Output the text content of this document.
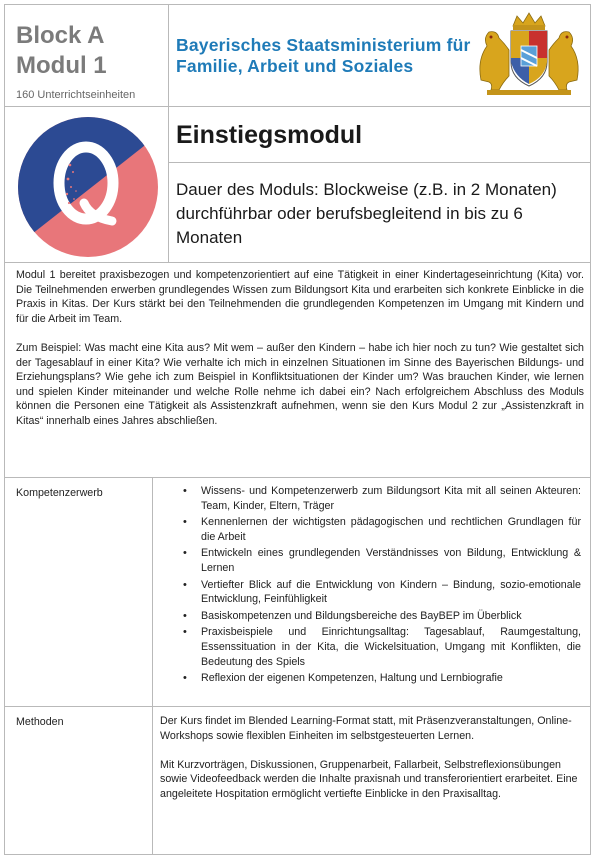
Block A
Modul 1
160 Unterrichtseinheiten
Bayerisches Staatsministerium für
Familie, Arbeit und Soziales
Einstiegsmodul
Dauer des Moduls: Blockweise (z.B. in 2 Monaten) durchführbar oder berufsbegleitend in bis zu 6 Monaten

Modul 1 bereitet praxisbezogen und kompetenzorientiert auf eine Tätigkeit in einer Kindertageseinrichtung (Kita) vor. Die Teilnehmenden erwerben grundlegendes Wissen zum Bildungsort Kita und erarbeiten sich konkrete Einblicke in die Praxis in Kitas. Der Kurs stärkt bei den Teilnehmenden die grundlegenden Kompetenzen im Umgang mit Kindern und für die Arbeit im Team.

Zum Beispiel: Was macht eine Kita aus? Mit wem – außer den Kindern – habe ich hier noch zu tun? Wie gestaltet sich der Tagesablauf in einer Kita? Wie verhalte ich mich in einzelnen Situationen im Sinne des Bayerischen Bildungs- und Erziehungsplans? Wie gehe ich zum Beispiel in Konfliktsituationen der Kinder um? Was brauchen Kinder, wie lernen und spielen Kinder miteinander und welche Rolle nehme ich dabei ein? Nach erfolgreichem Abschluss des Moduls können die Personen eine Tätigkeit als Assistenzkraft aufnehmen, wenn sie den Kurs Modul 2 zur „Assistenzkraft in Kitas“ innerhalb eines Jahres abschließen.

Kompetenzerwerb	• Wissens- und Kompetenzerwerb zum Bildungsort Kita mit all seinen Akteuren: Team, Kinder, Eltern, Träger
• Kennenlernen der wichtigsten pädagogischen und rechtlichen Grundlagen für die Arbeit
• Entwickeln eines grundlegenden Verständnisses von Bildung, Entwicklung & Lernen
• Vertiefter Blick auf die Entwicklung von Kindern – Bindung, sozio-emotionale Entwicklung, Feinfühligkeit
• Basiskompetenzen und Bildungsbereiche des BayBEP im Überblick
• Praxisbeispiele und Einrichtungsalltag: Tagesablauf, Raumgestaltung, Essenssituation in der Kita, die Wickelsituation, Umgang mit Konflikten, die Bedeutung des Spiels
• Reflexion der eigenen Kompetenzen, Haltung und Lernbiografie
Methoden	Der Kurs findet im Blended Learning-Format statt, mit Präsenzveranstaltungen, Online-Workshops sowie flexiblen Einheiten im selbstgesteuerten Lernen.

Mit Kurzvorträgen, Diskussionen, Gruppenarbeit, Fallarbeit, Selbstreflexionsübungen sowie Videofeedback werden die Inhalte praxisnah und transferorientiert erarbeitet. Eine angeleitete Hospitation ermöglicht vertiefte Einblicke in den Praxisalltag.
